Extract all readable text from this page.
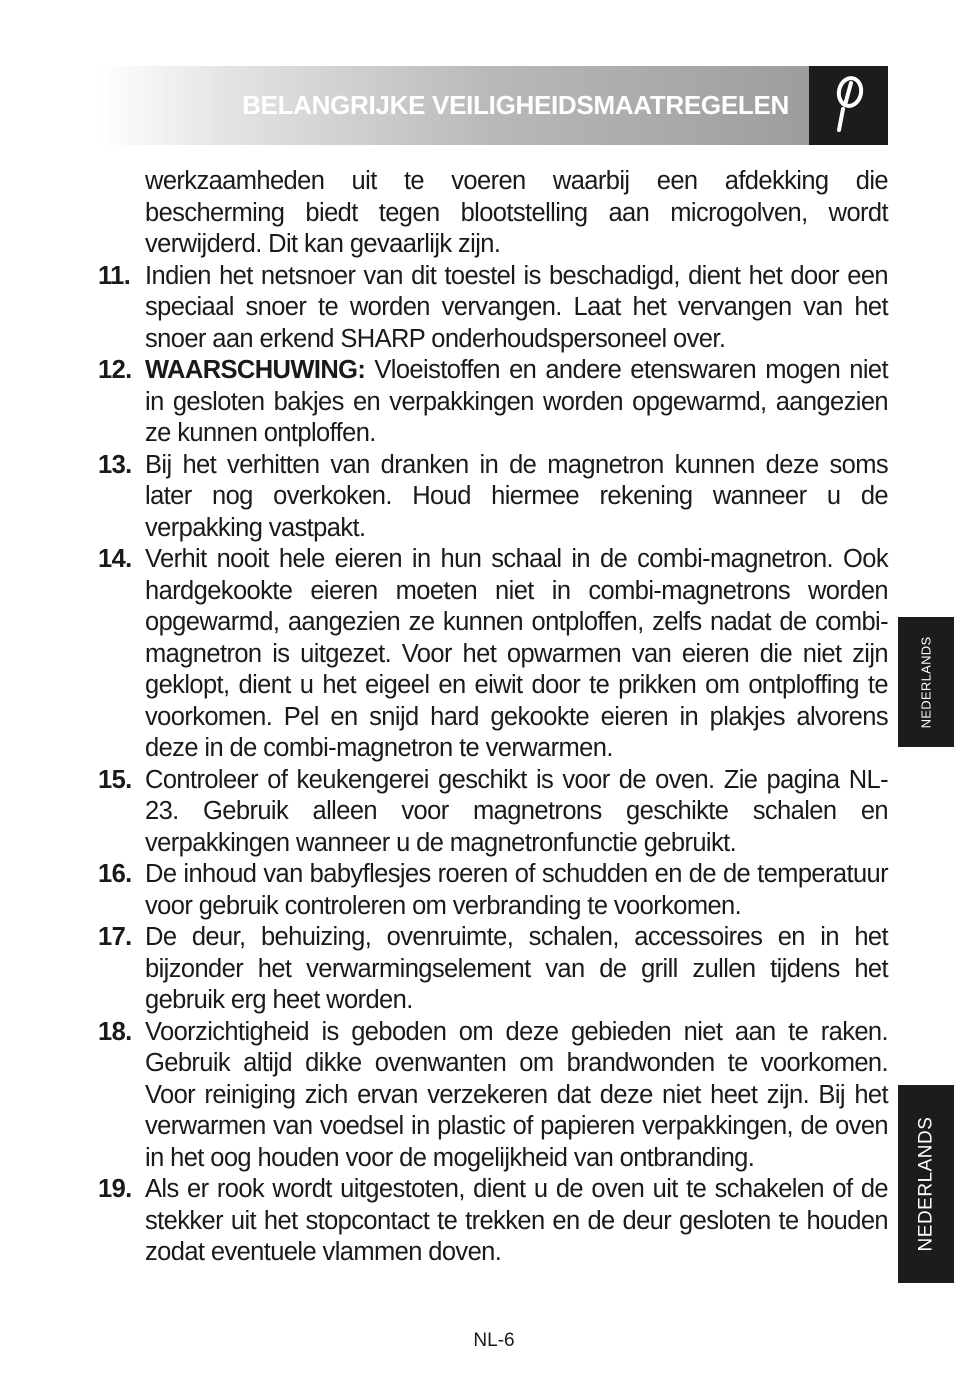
BELANGRIJKE VEILIGHEIDSMAATREGELEN

werkzaamheden uit te voeren waarbij een afdekking die bescherming biedt tegen blootstelling aan microgolven, wordt verwijderd. Dit kan gevaarlijk zijn.

11. Indien het netsnoer van dit toestel is beschadigd, dient het door een speciaal snoer te worden vervangen. Laat het vervangen van het snoer aan erkend SHARP onderhoudspersoneel over.
12. WAARSCHUWING: Vloeistoffen en andere etenswaren mogen niet in gesloten bakjes en verpakkingen worden opgewarmd, aangezien ze kunnen ontploffen.
13. Bij het verhitten van dranken in de magnetron kunnen deze soms later nog overkoken. Houd hiermee rekening wanneer u de verpakking vastpakt.
14. Verhit nooit hele eieren in hun schaal in de combi-magnetron. Ook hardgekookte eieren moeten niet in combi-magnetrons worden opgewarmd, aangezien ze kunnen ontploffen, zelfs nadat de combi-magnetron is uitgezet. Voor het opwarmen van eieren die niet zijn geklopt, dient u het eigeel en eiwit door te prikken om ontploffing te voorkomen. Pel en snijd hard gekookte eieren in plakjes alvorens deze in de combi-magnetron te verwarmen.
15. Controleer of keukengerei geschikt is voor de oven. Zie pagina NL-23. Gebruik alleen voor magnetrons geschikte schalen en verpakkingen wanneer u de magnetronfunctie gebruikt.
16. De inhoud van babyflesjes roeren of schudden en de de temperatuur voor gebruik controleren om verbranding te voorkomen.
17. De deur, behuizing, ovenruimte, schalen, accessoires en in het bijzonder het verwarmingselement van de grill zullen tijdens het gebruik erg heet worden.
18. Voorzichtigheid is geboden om deze gebieden niet aan te raken. Gebruik altijd dikke ovenwanten om brandwonden te voorkomen. Voor reiniging zich ervan verzekeren dat deze niet heet zijn. Bij het verwarmen van voedsel in plastic of papieren verpakkingen, de oven in het oog houden voor de mogelijkheid van ontbranding.
19. Als er rook wordt uitgestoten, dient u de oven uit te schakelen of de stekker uit het stopcontact te trekken en de deur gesloten te houden zodat eventuele vlammen doven.
NEDERLANDS
NEDERLANDS
NL-6
